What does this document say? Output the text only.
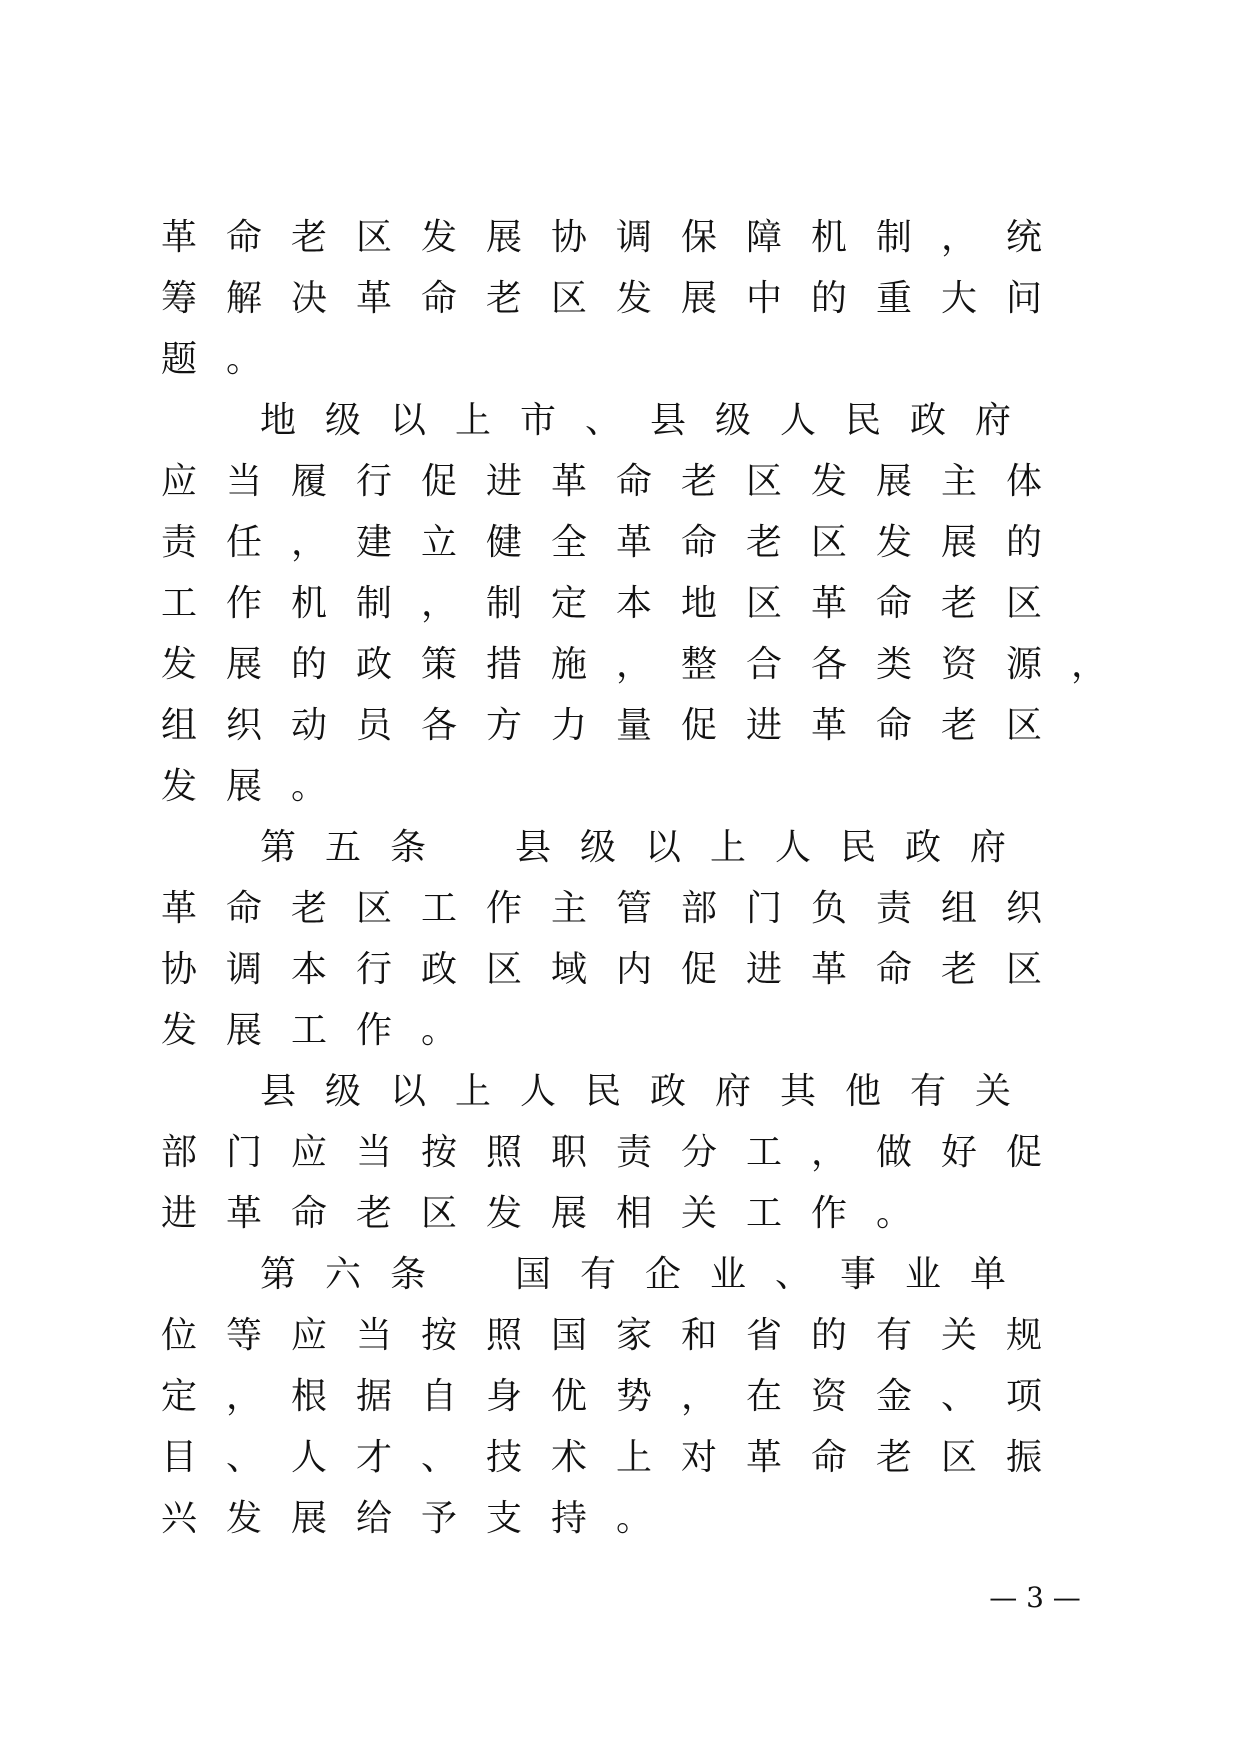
革命老区发展协调保障机制，统
筹解决革命老区发展中的重大问
题。
地级以上市、县级人民政府
应当履行促进革命老区发展主体
责任，建立健全革命老区发展的
工作机制，制定本地区革命老区
发展的政策措施，整合各类资源，
组织动员各方力量促进革命老区
发展。
第五条 县级以上人民政府
革命老区工作主管部门负责组织
协调本行政区域内促进革命老区
发展工作。
县级以上人民政府其他有关
部门应当按照职责分工，做好促
进革命老区发展相关工作。
第六条 国有企业、事业单
位等应当按照国家和省的有关规
定，根据自身优势，在资金、项
目、人才、技术上对革命老区振
兴发展给予支持。
— 3 —
